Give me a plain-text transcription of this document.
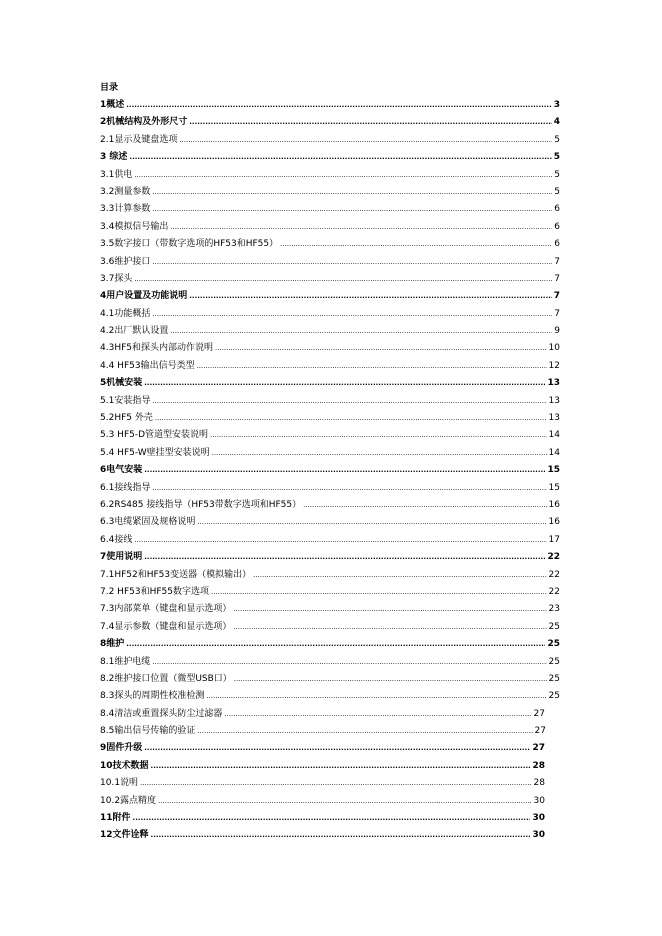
目录
1概述 .....	3
2机械结构及外形尺寸 .....	4
2.1显示及键盘选项 .....	5
3 综述 .....	5
3.1供电 .....	5
3.2测量参数 .....	5
3.3计算参数 .....	6
3.4模拟信号输出 .....	6
3.5数字接口（带数字选项的HF53和HF55） .....	6
3.6维护接口 .....	7
3.7探头 .....	7
4用户设置及功能说明 .....	7
4.1功能概括 .....	7
4.2出厂默认设置 .....	9
4.3HF5和探头内部动作说明 .....	10
4.4 HF53输出信号类型 .....	12
5机械安装 .....	13
5.1安装指导 .....	13
5.2HF5 外壳 .....	13
5.3 HF5-D管道型安装说明 .....	14
5.4 HF5-W壁挂型安装说明 .....	14
6电气安装 .....	15
6.1接线指导 .....	15
6.2RS485 接线指导（HF53带数字选项和HF55） .....	16
6.3电缆紧固及规格说明 .....	16
6.4接线 .....	17
7使用说明 .....	22
7.1HF52和HF53变送器（模拟输出） .....	22
7.2 HF53和HF55数字选项 .....	22
7.3内部菜单（键盘和显示选项） .....	23
7.4显示参数（键盘和显示选项） .....	25
8维护 .....	25
8.1维护电缆 .....	25
8.2维护接口位置（微型USB口） .....	25
8.3探头的周期性校准检测 .....	25
8.4清洁或重置探头防尘过滤器 .....	27
8.5输出信号传输的验证 .....	27
9固件升级 .....	27
10技术数据 .....	28
10.1说明 .....	28
10.2露点精度 .....	30
11附件 .....	30
12文件诠释 .....	30
